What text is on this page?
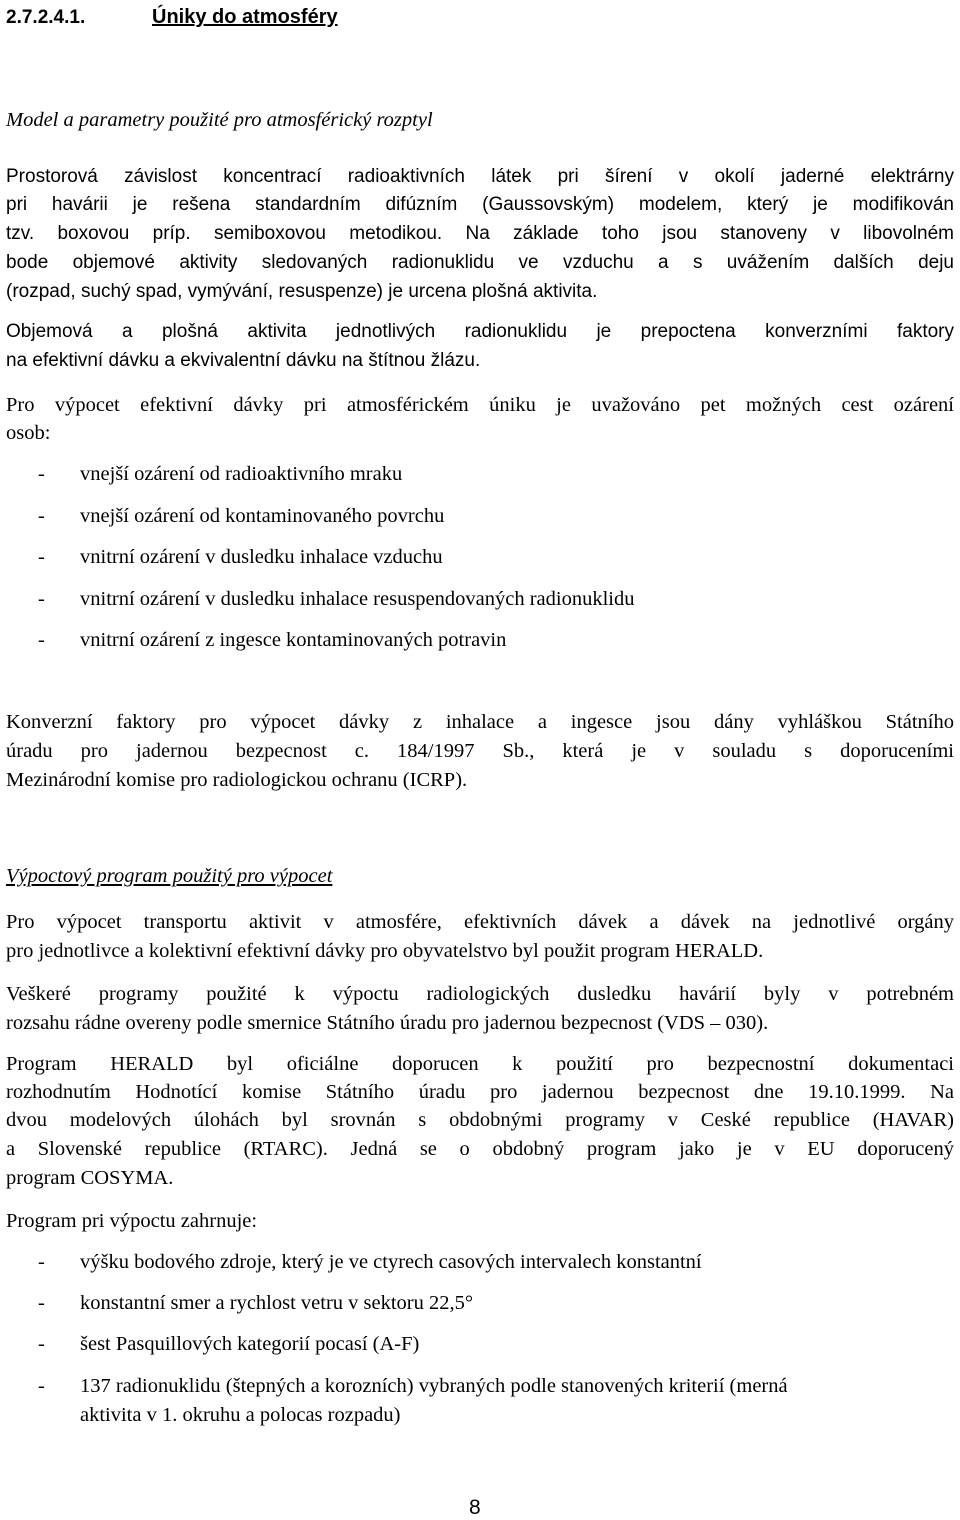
2.7.2.4.1.	Úniky do atmosféry
Model a parametry použité pro atmosférický rozptyl
Prostorová závislost koncentrací radioaktivních látek pri šírení v okolí jaderné elektrárny
pri havárii je rešena standardním difúzním (Gaussovským) modelem, který je modifikován
tzv. boxovou príp. semiboxovou metodikou. Na základe toho jsou stanoveny v libovolném
bode objemové aktivity sledovaných radionuklidu ve vzduchu a s uvážením dalších deju
(rozpad, suchý spad, vymývání, resuspenze) je urcena plošná aktivita.
Objemová a plošná aktivita jednotlivých radionuklidu je prepoctena konverzními faktory
na efektivní dávku a ekvivalentní dávku na štítnou žlázu.
Pro výpocet efektivní dávky pri atmosférickém úniku je uvažováno pet možných cest ozárení
osob:
- vnejší ozárení od radioaktivního mraku
- vnejší ozárení od kontaminovaného povrchu
- vnitrní ozárení v dusledku inhalace vzduchu
- vnitrní ozárení v dusledku inhalace resuspendovaných radionuklidu
- vnitrní ozárení z ingesce kontaminovaných potravin
Konverzní faktory pro výpocet dávky z inhalace a ingesce jsou dány vyhláškou Státního
úradu pro jadernou bezpecnost c. 184/1997 Sb., která je v souladu s doporuceními
Mezinárodní komise pro radiologickou ochranu (ICRP).
Výpoctový program použitý pro výpocet
Pro výpocet transportu aktivit v atmosfére, efektivních dávek a dávek na jednotlivé orgány
pro jednotlivce a kolektivní efektivní dávky pro obyvatelstvo byl použit program HERALD.
Veškeré programy použité k výpoctu radiologických dusledku havárií byly v potrebném
rozsahu rádne overeny podle smernice Státního úradu pro jadernou bezpecnost (VDS – 030).
Program HERALD byl oficiálne doporucen k použití pro bezpecnostní dokumentaci
rozhodnutím Hodnotící komise Státního úradu pro jadernou bezpecnost dne 19.10.1999. Na
dvou modelových úlohách byl srovnán s obdobnými programy v Ceské republice (HAVAR)
a Slovenské republice (RTARC). Jedná se o obdobný program jako je v EU doporucený
program COSYMA.
Program pri výpoctu zahrnuje:
- výšku bodového zdroje, který je ve ctyrech casových intervalech konstantní
- konstantní smer a rychlost vetru v sektoru 22,5°
- šest Pasquillových kategorií pocasí (A-F)
- 137 radionuklidu (štepných a korozních) vybraných podle stanovených kriterií (merná
aktivita v 1. okruhu a polocas rozpadu)
8
